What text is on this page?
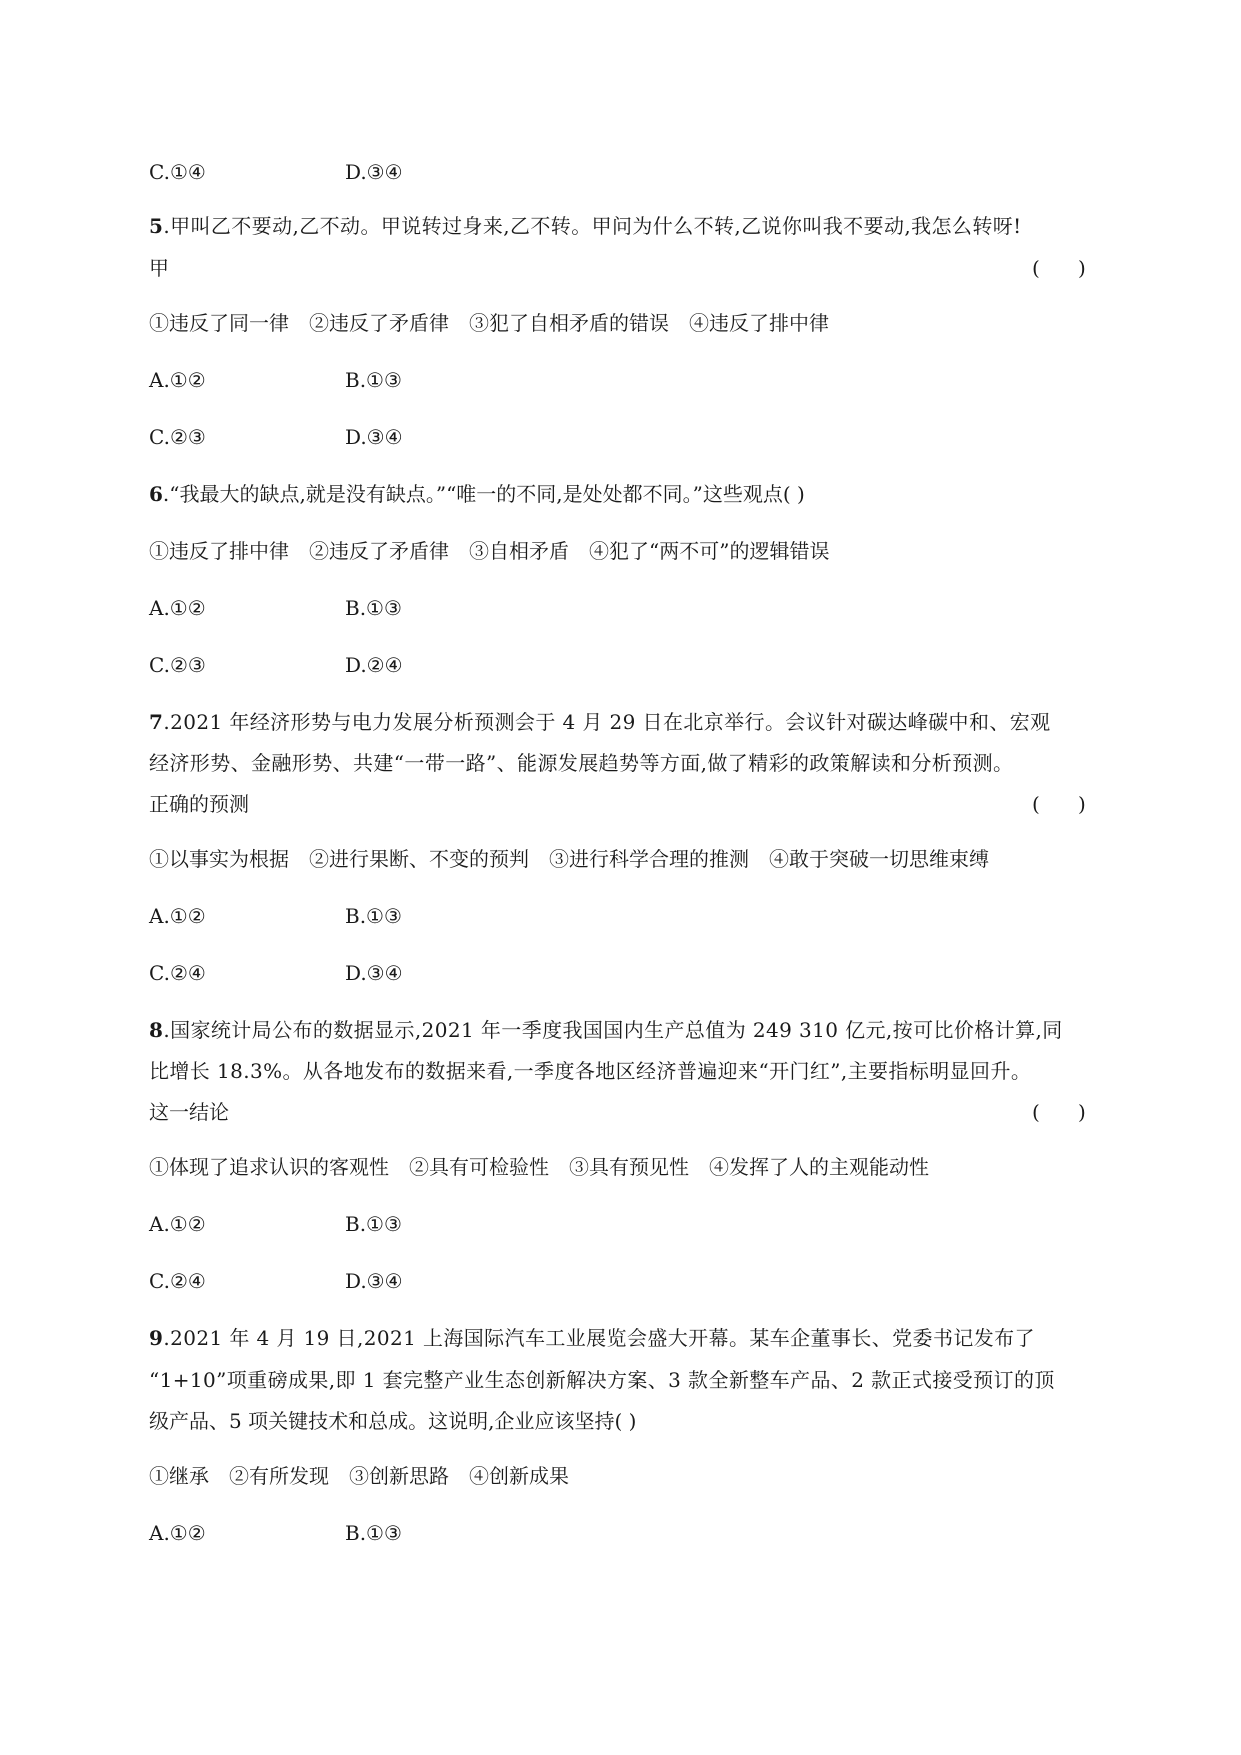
C.①④	D.③④
5.甲叫乙不要动,乙不动。甲说转过身来,乙不转。甲问为什么不转,乙说你叫我不要动,我怎么转呀!
甲	(      )
①违反了同一律　②违反了矛盾律　③犯了自相矛盾的错误　④违反了排中律
A.①②	B.①③
C.②③	D.③④
6.“我最大的缺点,就是没有缺点。”“唯一的不同,是处处都不同。”这些观点( )
①违反了排中律　②违反了矛盾律　③自相矛盾　④犯了“两不可”的逻辑错误
A.①②	B.①③
C.②③	D.②④
7.2021 年经济形势与电力发展分析预测会于 4 月 29 日在北京举行。会议针对碳达峰碳中和、宏观
经济形势、金融形势、共建“一带一路”、能源发展趋势等方面,做了精彩的政策解读和分析预测。
正确的预测	(      )
①以事实为根据　②进行果断、不变的预判　③进行科学合理的推测　④敢于突破一切思维束缚
A.①②	B.①③
C.②④	D.③④
8.国家统计局公布的数据显示,2021 年一季度我国国内生产总值为 249 310 亿元,按可比价格计算,同
比增长 18.3%。从各地发布的数据来看,一季度各地区经济普遍迎来“开门红”,主要指标明显回升。
这一结论	(      )
①体现了追求认识的客观性　②具有可检验性　③具有预见性　④发挥了人的主观能动性
A.①②	B.①③
C.②④	D.③④
9.2021 年 4 月 19 日,2021 上海国际汽车工业展览会盛大开幕。某车企董事长、党委书记发布了
“1+10”项重磅成果,即 1 套完整产业生态创新解决方案、3 款全新整车产品、2 款正式接受预订的顶
级产品、5 项关键技术和总成。这说明,企业应该坚持( )
①继承　②有所发现　③创新思路　④创新成果
A.①②	B.①③
